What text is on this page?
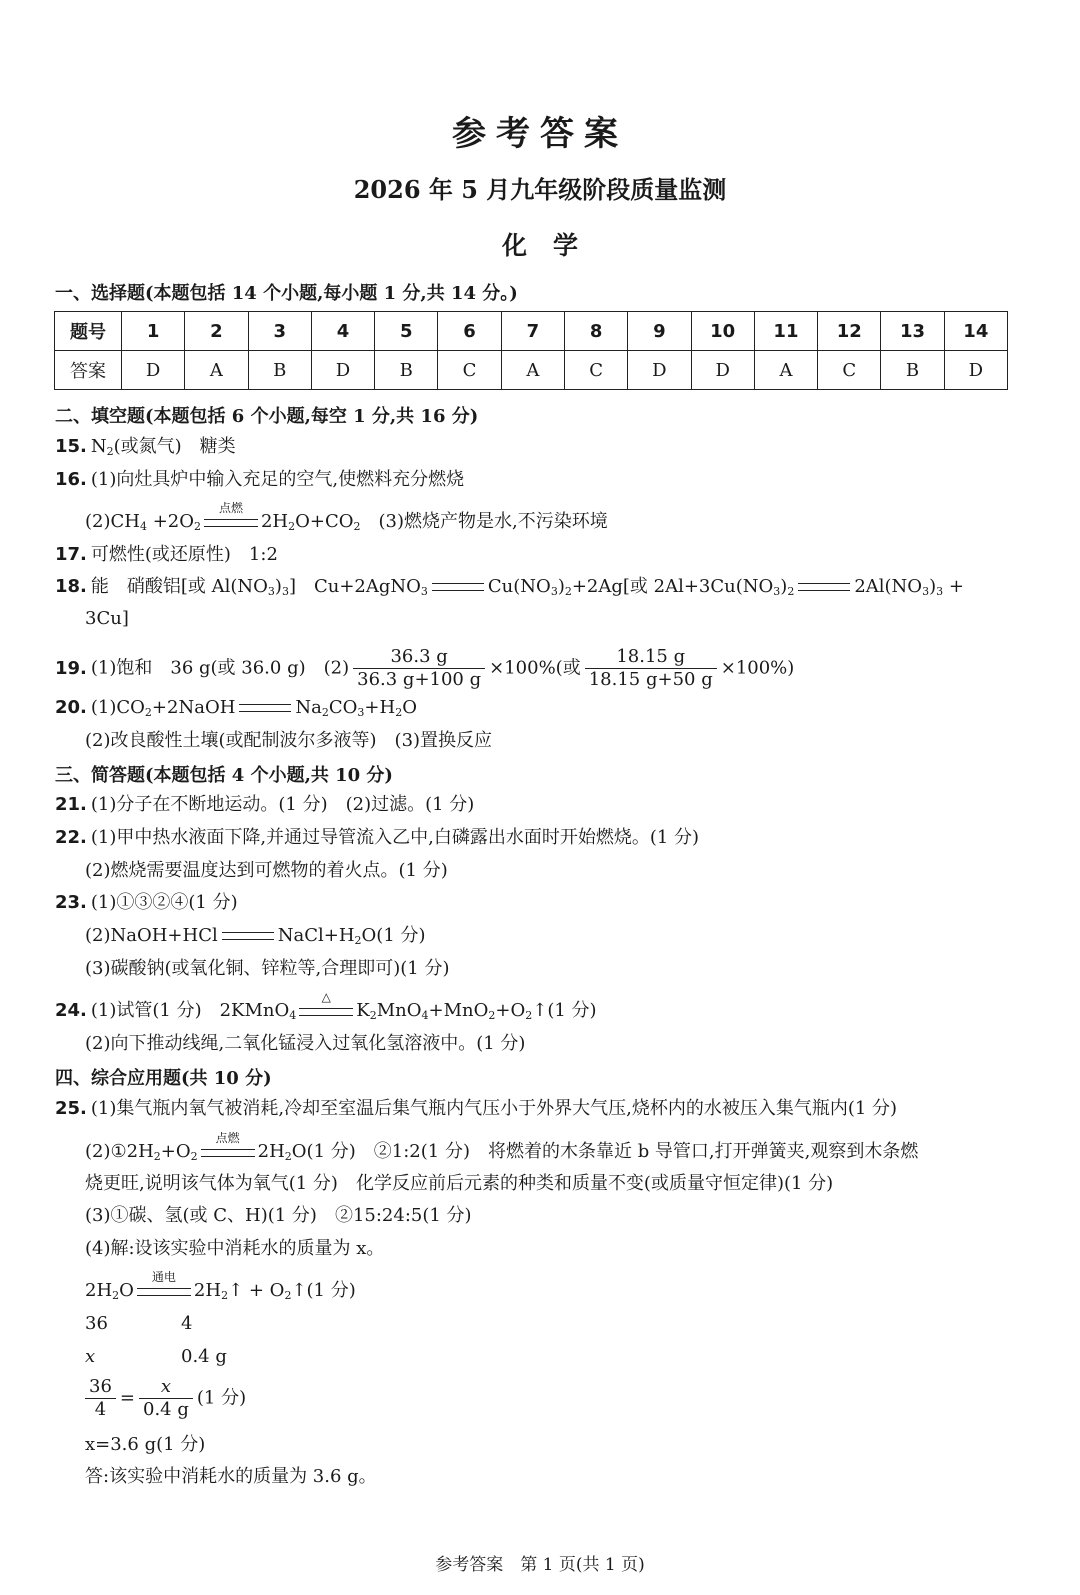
参考答案
2026 年 5 月九年级阶段质量监测
化学
一、选择题(本题包括 14 个小题,每小题 1 分,共 14 分。)
题号	1	2	3	4	5	6	7	8	9	10	11	12	13	14
答案	D	A	B	D	B	C	A	C	D	D	A	C	B	D
二、填空题(本题包括 6 个小题,每空 1 分,共 16 分)
15. $N_2$(或氮气)　糖类
16. (1)向灶具炉中输入充足的空气,使燃料充分燃烧
$(2)CH_4 +2O_2$
点燃
$2H_2O+CO_2$　 (3)燃烧产物是水,不污染环境
17. 可燃性(或还原性)　1:2
18. 能　硝酸铝[或 $Al(NO_3)_3$]　Cu+2AgNO$_3$	$Cu(NO_3)_2+2Ag$[或 $2Al+3Cu(NO_3)_2$	$2Al(NO_3)_3$ +
3Cu]
19. (1)饱和　36 g(或 36.0 g)　$(2) \frac{36.3 g}{36.3 g+100 g} \times 100\%$(或 $\frac{18.15 g}{18.15 g+50 g} \times 100\%$)
20. $(1)CO_2+2NaOH$	$Na_2CO_3+H_2O$
(2)改良酸性土壤(或配制波尔多液等)　(3)置换反应
三、简答题(本题包括 4 个小题,共 10 分)
21. (1)分子在不断地运动。(1 分)　(2)过滤。(1 分)
22. (1)甲中热水液面下降,并通过导管流入乙中,白磷露出水面时开始燃烧。(1 分)
(2)燃烧需要温度达到可燃物的着火点。(1 分)
23. (1)①③②④(1 分)
(2)NaOH+HCl	$NaCl+H_2O(1$ 分)
(3)碳酸钠(或氧化铜、锌粒等,合理即可)(1 分)
24. (1)试管(1 分)　2KMnO$_4$
△
$K_2MnO_4+MnO_2+O_2↑(1$ 分)
(2)向下推动线绳,二氧化锰浸入过氧化氢溶液中。(1 分)
四、综合应用题(共 10 分)
25. (1)集气瓶内氧气被消耗,冷却至室温后集气瓶内气压小于外界大气压,烧杯内的水被压入集气瓶内(1 分)
$(2)①2H_2+O_2$
点燃
$2H_2O(1$ 分)　②1:2(1 分)　将燃着的木条靠近 b 导管口,打开弹簧夹,观察到木条燃
烧更旺,说明该气体为氧气(1 分)　化学反应前后元素的种类和质量不变(或质量守恒定律)(1 分)
(3)①碳、氢(或 C、H)(1 分)　②15:24:5(1 分)
(4)解:设该实验中消耗水的质量为 x。
$2H_2O$
通电
$2H_2↑$ + $O_2↑(1$ 分)
36	4
x	0.4 g
$\frac{36}{4} = \frac{x}{0.4 g} (1$ 分)
x=3.6 g(1 分)
答:该实验中消耗水的质量为 3.6 g。
参考答案　第 1 页(共 1 页)
